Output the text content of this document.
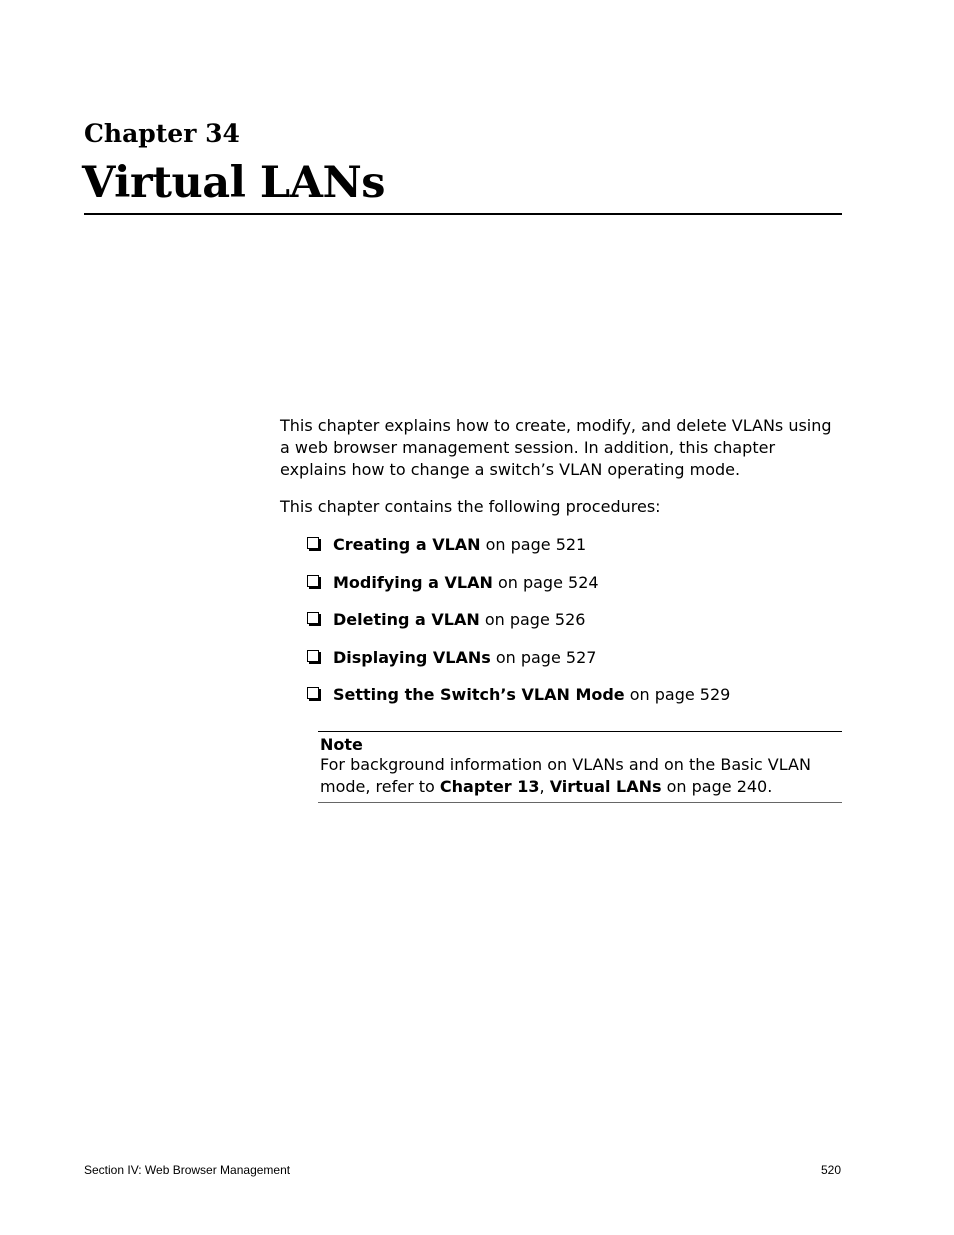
Chapter 34
Virtual LANs

This chapter explains how to create, modify, and delete VLANs using a web browser management session. In addition, this chapter explains how to change a switch’s VLAN operating mode.

This chapter contains the following procedures:

Creating a VLAN on page 521
Modifying a VLAN on page 524
Deleting a VLAN on page 526
Displaying VLANs on page 527
Setting the Switch’s VLAN Mode on page 529
Note
For background information on VLANs and on the Basic VLAN mode, refer to Chapter 13, Virtual LANs on page 240.
Section IV: Web Browser Management	520
